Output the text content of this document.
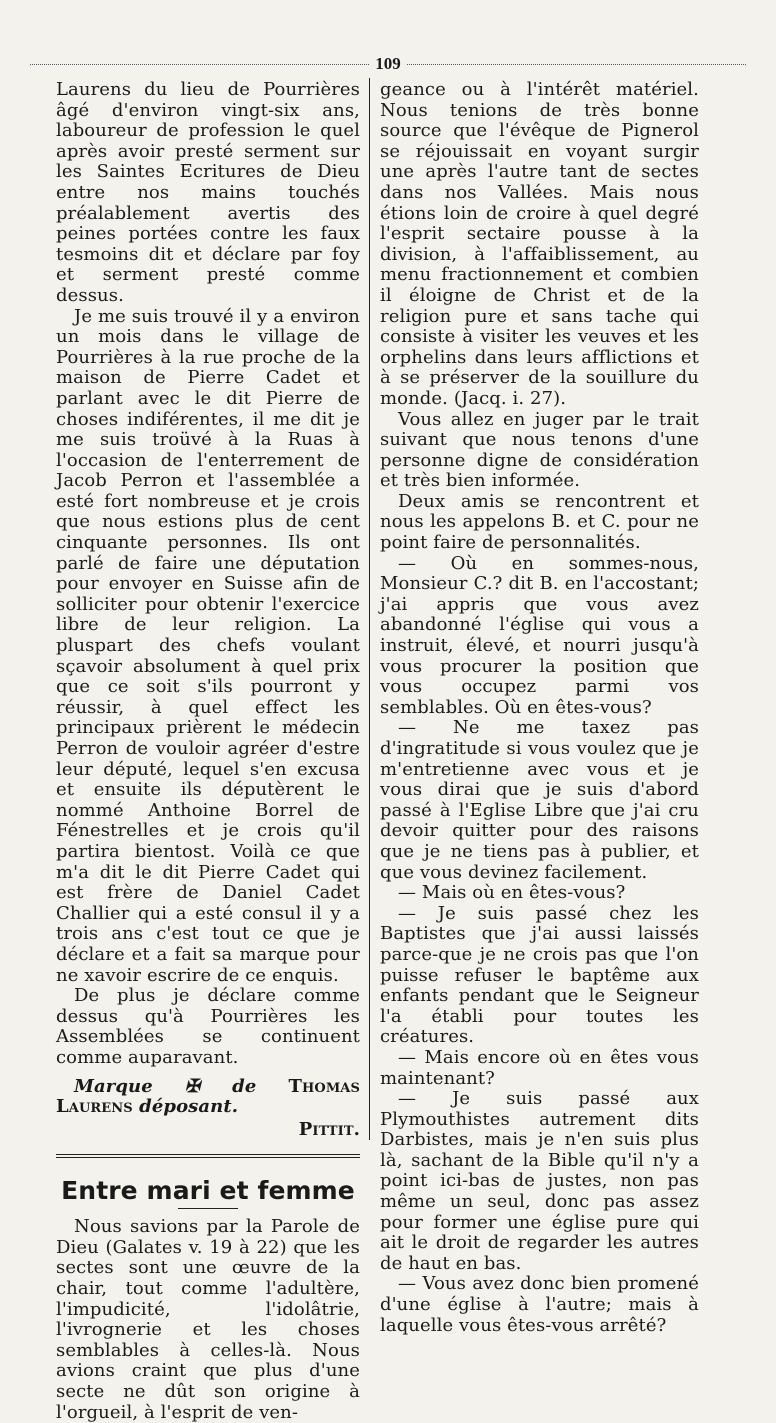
109

Laurens du lieu de Pourrières âgé d'environ vingt-six ans, laboureur de profession le quel après avoir presté serment sur les Saintes Ecritures de Dieu entre nos mains touchés préalablement avertis des peines portées contre les faux tesmoins dit et déclare par foy et serment presté comme dessus.

Je me suis trouvé il y a environ un mois dans le village de Pourrières à la rue proche de la maison de Pierre Cadet et parlant avec le dit Pierre de choses indiférentes, il me dit je me suis troüvé à la Ruas à l'occasion de l'enterrement de Jacob Perron et l'assemblée a esté fort nombreuse et je crois que nous estions plus de cent cinquante personnes. Ils ont parlé de faire une députation pour envoyer en Suisse afin de solliciter pour obtenir l'exercice libre de leur religion. La pluspart des chefs voulant sçavoir absolument à quel prix que ce soit s'ils pourront y réussir, à quel effect les principaux prièrent le médecin Perron de vouloir agréer d'estre leur député, lequel s'en excusa et ensuite ils députèrent le nommé Anthoine Borrel de Fénestrelles et je crois qu'il partira bientost. Voilà ce que m'a dit le dit Pierre Cadet qui est frère de Daniel Cadet Challier qui a esté consul il y a trois ans c'est tout ce que je déclare et a fait sa marque pour ne xavoir escrire de ce enquis.

De plus je déclare comme dessus qu'à Pourrières les Assemblées se continuent comme auparavant.

Marque ✠ de Thomas Laurens déposant.

Pittit.

Entre mari et femme

Nous savions par la Parole de Dieu (Galates v. 19 à 22) que les sectes sont une œuvre de la chair, tout comme l'adultère, l'impudicité, l'idolâtrie, l'ivrognerie et les choses semblables à celles-là. Nous avions craint que plus d'une secte ne dût son origine à l'orgueil, à l'esprit de ven-

geance ou à l'intérêt matériel. Nous tenions de très bonne source que l'évêque de Pignerol se réjouissait en voyant surgir une après l'autre tant de sectes dans nos Vallées. Mais nous étions loin de croire à quel degré l'esprit sectaire pousse à la division, à l'affaiblissement, au menu fractionnement et combien il éloigne de Christ et de la religion pure et sans tache qui consiste à visiter les veuves et les orphelins dans leurs afflictions et à se préserver de la souillure du monde. (Jacq. i. 27).

Vous allez en juger par le trait suivant que nous tenons d'une personne digne de considération et très bien informée.

Deux amis se rencontrent et nous les appelons B. et C. pour ne point faire de personnalités.

— Où en sommes-nous, Monsieur C.? dit B. en l'accostant; j'ai appris que vous avez abandonné l'église qui vous a instruit, élevé, et nourri jusqu'à vous procurer la position que vous occupez parmi vos semblables. Où en êtes-vous?

— Ne me taxez pas d'ingratitude si vous voulez que je m'entretienne avec vous et je vous dirai que je suis d'abord passé à l'Eglise Libre que j'ai cru devoir quitter pour des raisons que je ne tiens pas à publier, et que vous devinez facilement.

— Mais où en êtes-vous?

— Je suis passé chez les Baptistes que j'ai aussi laissés parce-que je ne crois pas que l'on puisse refuser le baptême aux enfants pendant que le Seigneur l'a établi pour toutes les créatures.

— Mais encore où en êtes vous maintenant?

— Je suis passé aux Plymouthistes autrement dits Darbistes, mais je n'en suis plus là, sachant de la Bible qu'il n'y a point ici-bas de justes, non pas même un seul, donc pas assez pour former une église pure qui ait le droit de regarder les autres de haut en bas.

— Vous avez donc bien promené d'une église à l'autre; mais à laquelle vous êtes-vous arrêté?
